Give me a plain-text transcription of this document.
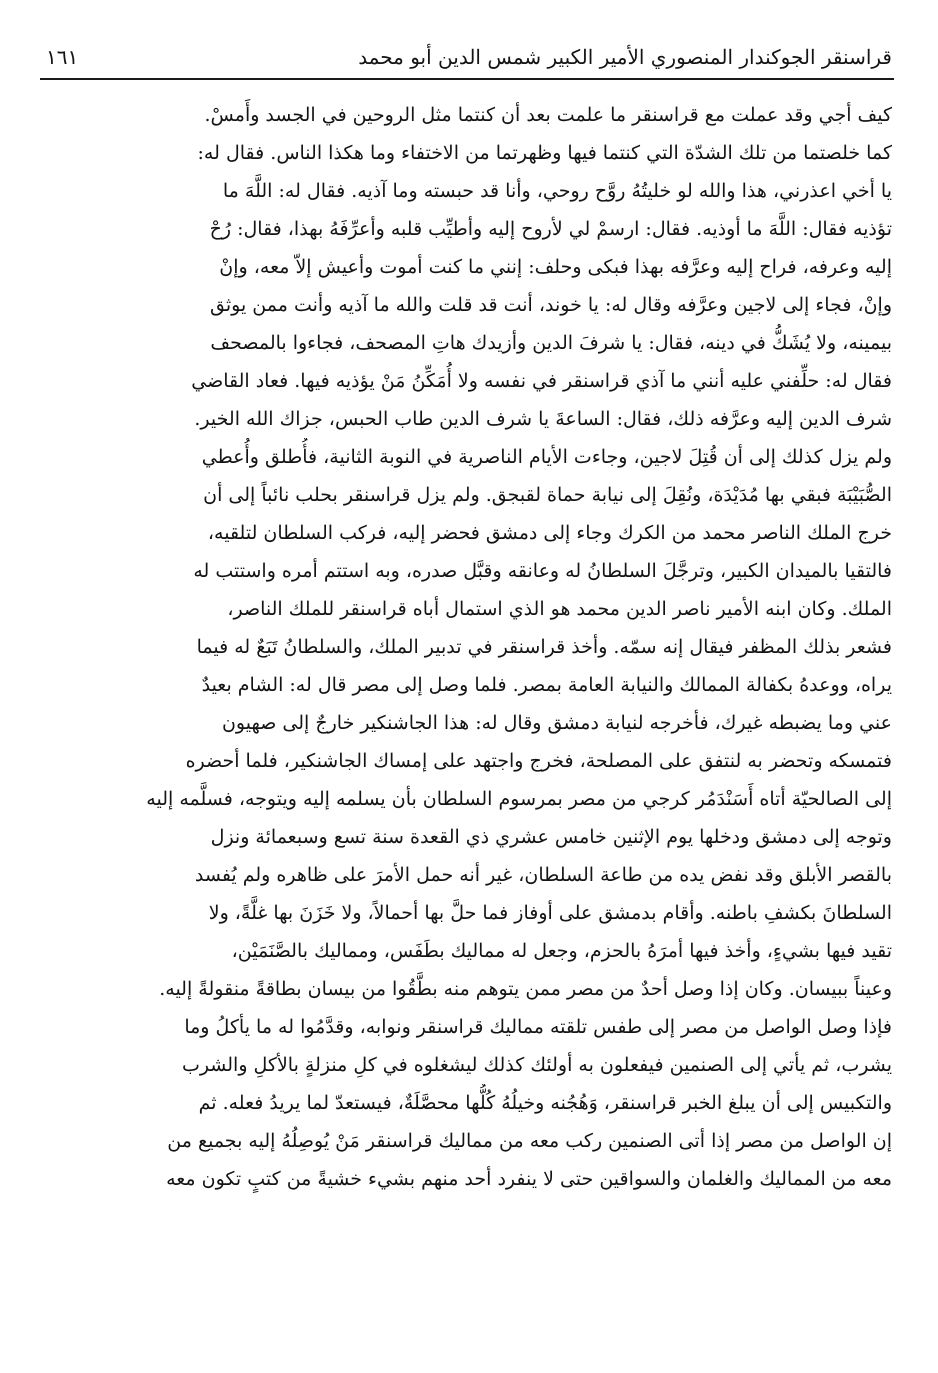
قراسنقر الجوكندار المنصوري الأمير الكبير شمس الدين أبو محمد
١٦١
كيف أجي وقد عملت مع قراسنقر ما علمت بعد أن كنتما مثل الروحين في الجسد وأَمسْ.
كما خلصتما من تلك الشدّة التي كنتما فيها وظهرتما من الاختفاء وما هكذا الناس. فقال له:
يا أخي اعذرني، هذا والله لو خليتُهُ روَّح روحي، وأنا قد حبسته وما آذيه. فقال له: اللَّهَ ما
تؤذيه فقال: اللَّهَ ما أوذيه. فقال: ارسمْ لي لأروح إليه وأطيِّب قلبه وأعرِّفَهُ بهذا، فقال: رُحْ
إليه وعرفه، فراح إليه وعرَّفه بهذا فبكى وحلف: إنني ما كنت أموت وأعيش إلاّ معه، وإنْ
وإنْ، فجاء إلى لاجين وعرَّفه وقال له: يا خوند، أنت قد قلت والله ما آذيه وأنت ممن يوثق
بيمينه، ولا يُشَكُّ في دينه، فقال: يا شرفَ الدين وأزيدك هاتِ المصحف، فجاءوا بالمصحف
فقال له: حلِّفني عليه أنني ما آذي قراسنقر في نفسه ولا أُمَكِّنُ مَنْ يؤذيه فيها. فعاد القاضي
شرف الدين إليه وعرَّفه ذلك، فقال: الساعةَ يا شرف الدين طاب الحبس، جزاك الله الخير.
ولم يزل كذلك إلى أن قُتِلَ لاجين، وجاءت الأيام الناصرية في النوبة الثانية، فأُطلق وأُعطي
الصُّبَيْبَة فبقي بها مُدَيْدَة، ونُقِلَ إلى نيابة حماة لقبجق. ولم يزل قراسنقر بحلب نائباً إلى أن
خرج الملك الناصر محمد من الكرك وجاء إلى دمشق فحضر إليه، فركب السلطان لتلقيه،
فالتقيا بالميدان الكبير، وترجَّلَ السلطانُ له وعانقه وقبَّل صدره، وبه استتم أمره واستتب له
الملك. وكان ابنه الأمير ناصر الدين محمد هو الذي استمال أباه قراسنقر للملك الناصر،
فشعر بذلك المظفر فيقال إنه سمّه. وأخذ قراسنقر في تدبير الملك، والسلطانُ تَبَعٌ له فيما
يراه، ووعدهُ بكفالة الممالك والنيابة العامة بمصر. فلما وصل إلى مصر قال له: الشام بعيدٌ
عني وما يضبطه غيرك، فأخرجه لنيابة دمشق وقال له: هذا الجاشنكير خارجٌ إلى صهيون
فتمسكه وتحضر به لنتفق على المصلحة، فخرج واجتهد على إمساك الجاشنكير، فلما أحضره
إلى الصالحيّة أتاه أَسَنْدَمُر كرجي من مصر بمرسوم السلطان بأن يسلمه إليه ويتوجه، فسلَّمه إليه
وتوجه إلى دمشق ودخلها يوم الإثنين خامس عشري ذي القعدة سنة تسع وسبعمائة ونزل
بالقصر الأبلق وقد نفض يده من طاعة السلطان، غير أنه حمل الأمرَ على ظاهره ولم يُفسد
السلطانَ بكشفِ باطنه. وأقام بدمشق على أوفاز فما حلَّ بها أحمالاً، ولا خَزَنَ بها غلَّةً، ولا
تقيد فيها بشيءٍ، وأخذ فيها أمرَهُ بالحزم، وجعل له مماليك بطَفَس، ومماليك بالصَّنَمَيْن،
وعيناً ببيسان. وكان إذا وصل أحدٌ من مصر ممن يتوهم منه بطَّقُوا من بيسان بطاقةً منقولةً إليه.
فإذا وصل الواصل من مصر إلى طفس تلقته مماليك قراسنقر ونوابه، وقدَّمُوا له ما يأكلُ وما
يشرب، ثم يأتي إلى الصنمين فيفعلون به أولئك كذلك ليشغلوه في كلِ منزلةٍ بالأكلِ والشرب
والتكبيس إلى أن يبلغ الخبر قراسنقر، وَهُجُنه وخيلُهُ كُلُّها محصَّلَةٌ، فيستعدّ لما يريدُ فعله. ثم
إن الواصل من مصر إذا أتى الصنمين ركب معه من مماليك قراسنقر مَنْ يُوصِلُهُ إليه بجميع من
معه من المماليك والغلمان والسواقين حتى لا ينفرد أحد منهم بشيء خشيةً من كتبٍ تكون معه
